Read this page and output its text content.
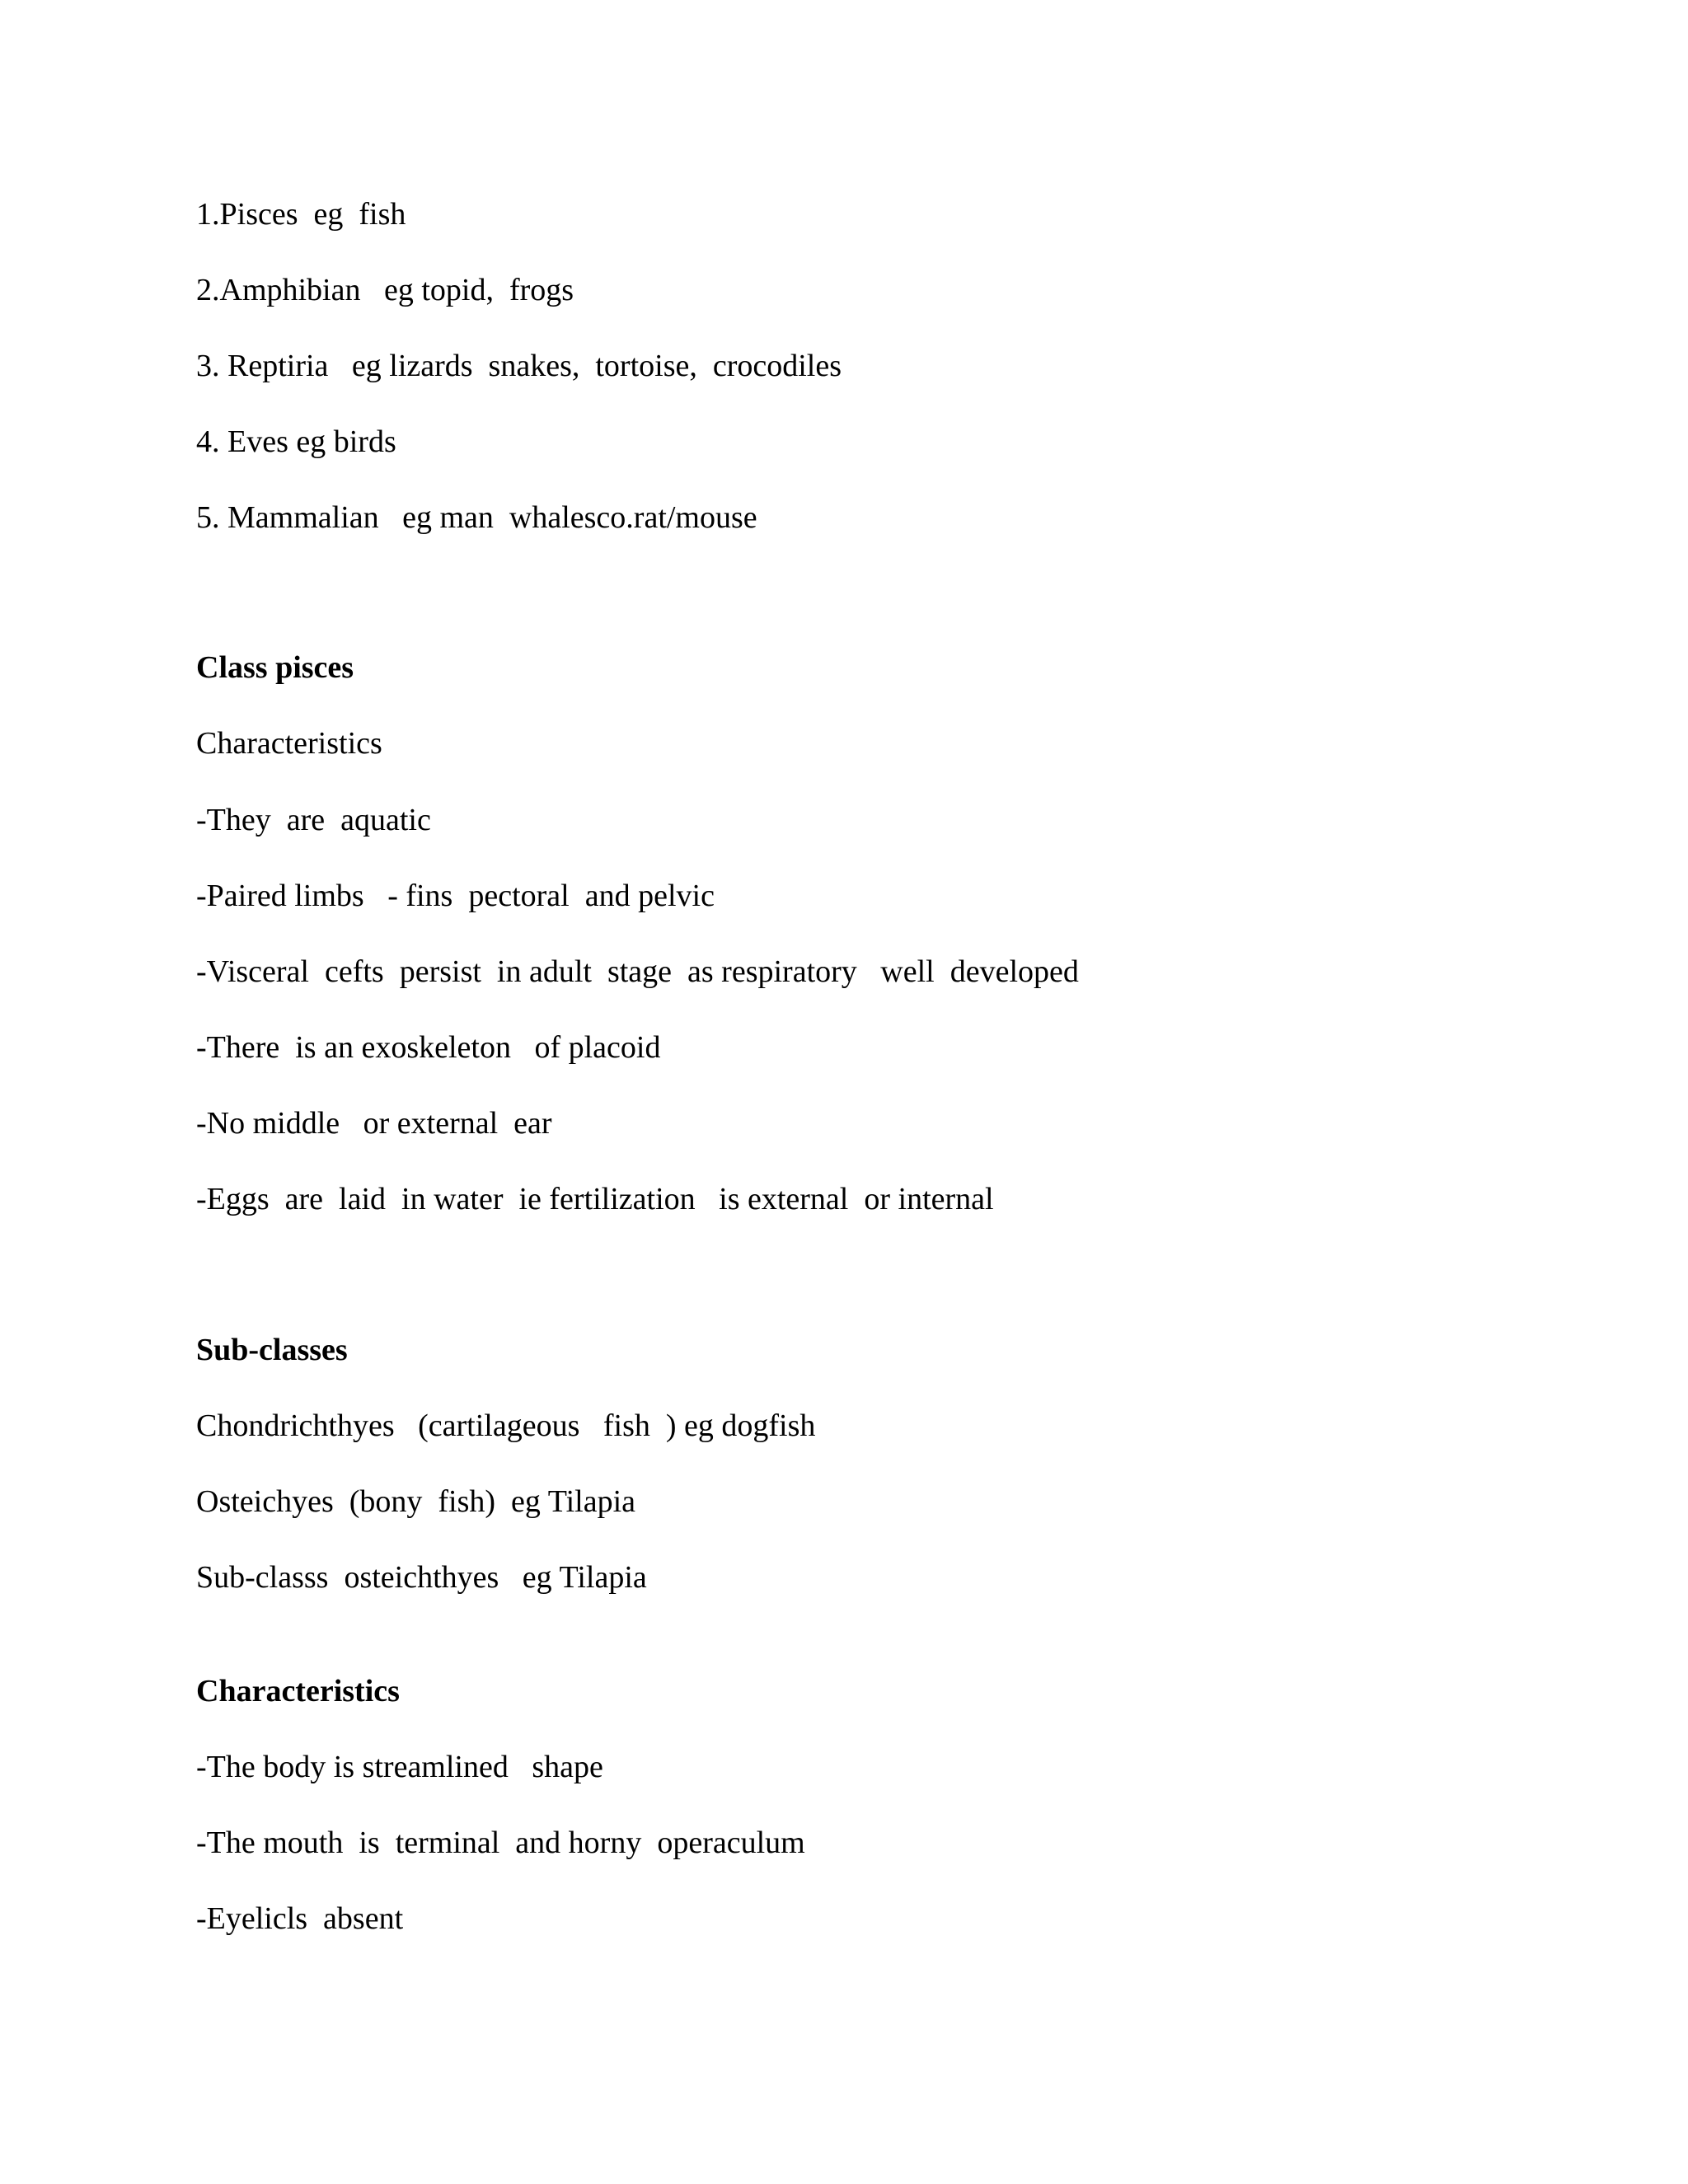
1.Pisces  eg  fish
2.Amphibian   eg topid,  frogs
3. Reptiria   eg lizards  snakes,  tortoise,  crocodiles
4. Eves eg birds
5. Mammalian   eg man  whalesco.rat/mouse
Class pisces
Characteristics
-They  are  aquatic
-Paired limbs   - fins  pectoral  and pelvic
-Visceral  cefts  persist  in adult  stage  as respiratory   well  developed
-There  is an exoskeleton   of placoid
-No middle   or external  ear
-Eggs  are  laid  in water  ie fertilization   is external  or internal
Sub-classes
Chondrichthyes   (cartilageous   fish  ) eg dogfish
Osteichyes  (bony  fish)  eg Tilapia
Sub-classs  osteichthyes   eg Tilapia
Characteristics
-The body is streamlined   shape
-The mouth  is  terminal  and horny  operaculum
-Eyelicls  absent
